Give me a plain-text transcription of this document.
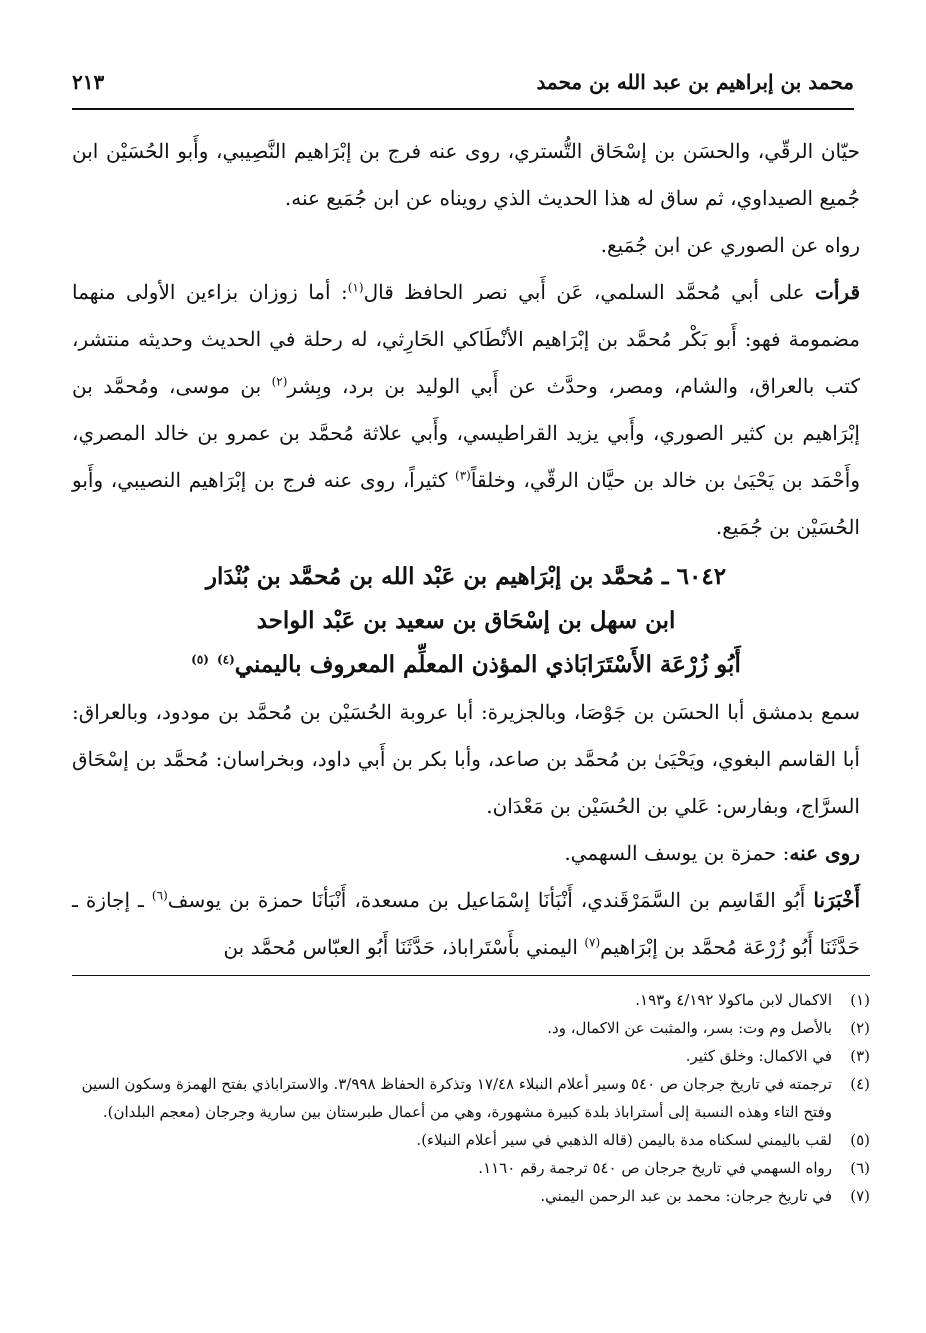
محمد بن إبراهيم بن عبد الله بن محمد
٢١٣

حيّان الرقّي، والحسَن بن إسْحَاق التُّستري، روى عنه فرج بن إبْرَاهيم النَّصِيبي، وأَبو الحُسَيْن ابن جُميع الصيداوي، ثم ساق له هذا الحديث الذي رويناه عن ابن جُمَيع عنه.

رواه عن الصوري عن ابن جُمَيع.

قرأت على أبي مُحمَّد السلمي، عَن أَبي نصر الحافظ قال$^{(١)}$: أما زوزان بزاءين الأولى منهما مضمومة فهو: أَبو بَكْر مُحمَّد بن إبْرَاهيم الأنْطَاكي الحَارِثي، له رحلة في الحديث وحديثه منتشر، كتب بالعراق، والشام، ومصر، وحدَّث عن أَبي الوليد بن برد، وبِشر$^{(٢)}$ بن موسى، ومُحمَّد بن إبْرَاهيم بن كثير الصوري، وأَبي يزيد القراطيسي، وأَبي علاثة مُحمَّد بن عمرو بن خالد المصري، وأَحْمَد بن يَحْيَىٰ بن خالد بن حيَّان الرقّي، وخلقاً$^{(٣)}$ كثيراً، روى عنه فرج بن إبْرَاهيم النصيبي، وأَبو الحُسَيْن بن جُمَيع.

٦٠٤٢ ـ مُحمَّد بن إبْرَاهيم بن عَبْد الله بن مُحمَّد بن بُنْدَار
ابن سهل بن إسْحَاق بن سعيد بن عَبْد الواحد
أَبُو زُرْعَة الأَسْتَرَابَاذي المؤذن المعلِّم المعروف باليمني$^{(٤)}$ $^{(٥)}$

سمع بدمشق أبا الحسَن بن جَوْصَا، وبالجزيرة: أبا عروبة الحُسَيْن بن مُحمَّد بن مودود، وبالعراق: أبا القاسم البغوي، ويَحْيَىٰ بن مُحمَّد بن صاعد، وأبا بكر بن أَبي داود، وبخراسان: مُحمَّد بن إسْحَاق السرَّاج، وبفارس: عَلي بن الحُسَيْن بن مَعْدَان.

روى عنه: حمزة بن يوسف السهمي.

أَخْبَرَنا أَبُو القَاسِم بن السَّمَرْقَندي، أَنْبَأنَا إسْمَاعيل بن مسعدة، أَنْبَأنَا حمزة بن يوسف$^{(٦)}$ ـ إجازة ـ حَدَّثَنَا أَبُو زُرْعَة مُحمَّد بن إبْرَاهيم$^{(٧)}$ اليمني بأَسْتَراباذ، حَدَّثَنَا أَبُو العبّاس مُحمَّد بن

(١)
الاكمال لابن ماكولا ٤/١٩٢ و١٩٣.
(٢)
بالأصل وم وت: بسر، والمثبت عن الاكمال، ود.
(٣)
في الاكمال: وخلق كثير.
(٤)
ترجمته في تاريخ جرجان ص ٥٤٠ وسير أعلام النبلاء ١٧/٤٨ وتذكرة الحفاظ ٣/٩٩٨. والاستراباذي بفتح الهمزة وسكون السين وفتح التاء وهذه النسبة إلى أستراباذ بلدة كبيرة مشهورة، وهي من أعمال طبرستان بين سارية وجرجان (معجم البلدان).
(٥)
لقب باليمني لسكناه مدة باليمن (قاله الذهبي في سير أعلام النبلاء).
(٦)
رواه السهمي في تاريخ جرجان ص ٥٤٠ ترجمة رقم ١١٦٠.
(٧)
في تاريخ جرجان: محمد بن عبد الرحمن اليمني.
